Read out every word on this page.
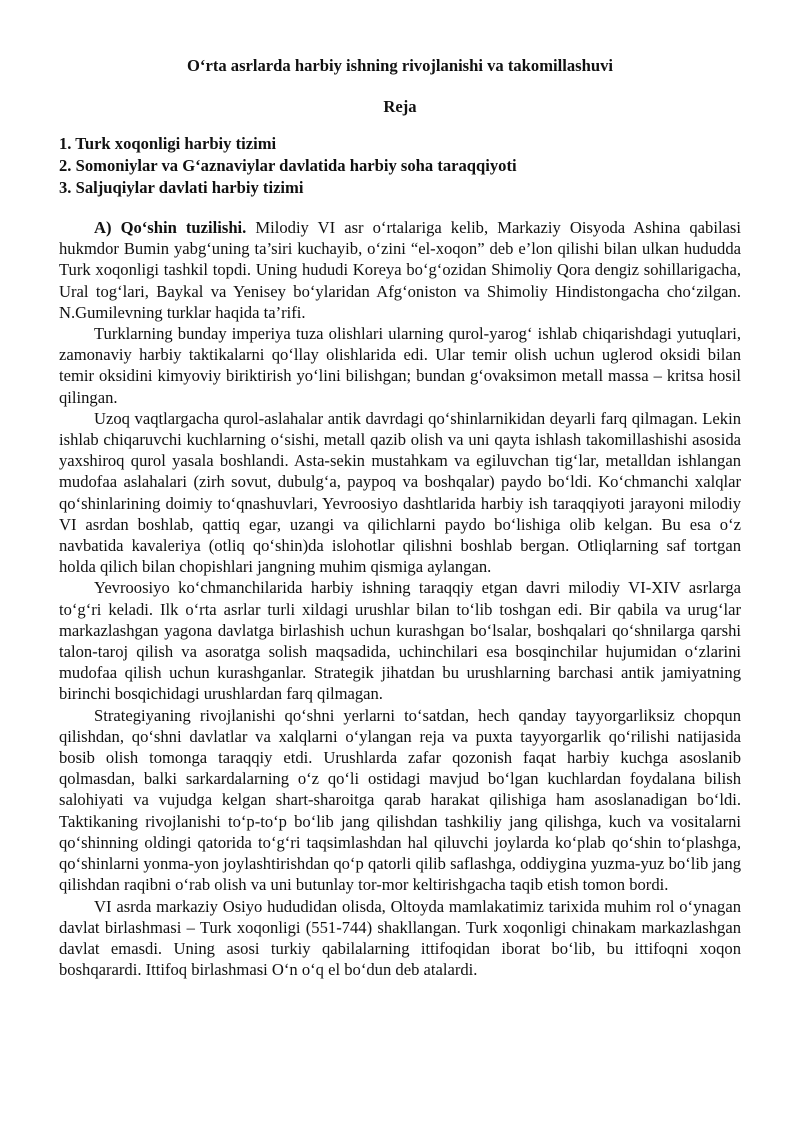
O‘rta asrlarda harbiy ishning rivojlanishi va takomillashuvi

Reja

1. Turk xoqonligi harbiy tizimi
2. Somoniylar va G‘aznaviylar davlatida harbiy soha taraqqiyoti
3. Saljuqiylar davlati harbiy tizimi

A) Qo‘shin tuzilishi. Milodiy VI asr o‘rtalariga kelib, Markaziy Oisyoda Ashina qabilasi hukmdor Bumin yabg‘uning ta’siri kuchayib, o‘zini “el-xoqon” deb e’lon qilishi bilan ulkan hududda Turk xoqonligi tashkil topdi. Uning hududi Koreya bo‘g‘ozidan Shimoliy Qora dengiz sohillarigacha, Ural tog‘lari, Baykal va Yenisey bo‘ylaridan Afg‘oniston va Shimoliy Hindistongacha cho‘zilgan. N.Gumilevning turklar haqida ta’rifi.

Turklarning bunday imperiya tuza olishlari ularning qurol-yarog‘ ishlab chiqarishdagi yutuqlari, zamonaviy harbiy taktikalarni qo‘llay olishlarida edi. Ular temir olish uchun uglerod oksidi bilan temir oksidini kimyoviy biriktirish yo‘lini bilishgan; bundan g‘ovaksimon metall massa – kritsa hosil qilingan.

Uzoq vaqtlargacha qurol-aslahalar antik davrdagi qo‘shinlarnikidan deyarli farq qilmagan. Lekin ishlab chiqaruvchi kuchlarning o‘sishi, metall qazib olish va uni qayta ishlash takomillashishi asosida yaxshiroq qurol yasala boshlandi. Asta-sekin mustahkam va egiluvchan tig‘lar, metalldan ishlangan mudofaa aslahalari (zirh sovut, dubulg‘a, paypoq va boshqalar) paydo bo‘ldi. Ko‘chmanchi xalqlar qo‘shinlarining doimiy to‘qnashuvlari, Yevroosiyo dashtlarida harbiy ish taraqqiyoti jarayoni milodiy VI asrdan boshlab, qattiq egar, uzangi va qilichlarni paydo bo‘lishiga olib kelgan. Bu esa o‘z navbatida kavaleriya (otliq qo‘shin)da islohotlar qilishni boshlab bergan. Otliqlarning saf tortgan holda qilich bilan chopishlari jangning muhim qismiga aylangan.

Yevroosiyo ko‘chmanchilarida harbiy ishning taraqqiy etgan davri milodiy VI-XIV asrlarga to‘g‘ri keladi. Ilk o‘rta asrlar turli xildagi urushlar bilan to‘lib toshgan edi. Bir qabila va urug‘lar markazlashgan yagona davlatga birlashish uchun kurashgan bo‘lsalar, boshqalari qo‘shnilarga qarshi talon-taroj qilish va asoratga solish maqsadida, uchinchilari esa bosqinchilar hujumidan o‘zlarini mudofaa qilish uchun kurashganlar. Strategik jihatdan bu urushlarning barchasi antik jamiyatning birinchi bosqichidagi urushlardan farq qilmagan.

Strategiyaning rivojlanishi qo‘shni yerlarni to‘satdan, hech qanday tayyorgarliksiz chopqun qilishdan, qo‘shni davlatlar va xalqlarni o‘ylangan reja va puxta tayyorgarlik qo‘rilishi natijasida bosib olish tomonga taraqqiy etdi. Urushlarda zafar qozonish faqat harbiy kuchga asoslanib qolmasdan, balki sarkardalarning o‘z qo‘li ostidagi mavjud bo‘lgan kuchlardan foydalana bilish salohiyati va vujudga kelgan shart-sharoitga qarab harakat qilishiga ham asoslanadigan bo‘ldi. Taktikaning rivojlanishi to‘p-to‘p bo‘lib jang qilishdan tashkiliy jang qilishga, kuch va vositalarni qo‘shinning oldingi qatorida to‘g‘ri taqsimlashdan hal qiluvchi joylarda ko‘plab qo‘shin to‘plashga, qo‘shinlarni yonma-yon joylashtirishdan qo‘p qatorli qilib saflashga, oddiygina yuzma-yuz bo‘lib jang qilishdan raqibni o‘rab olish va uni butunlay tor-mor keltirishgacha taqib etish tomon bordi.

VI asrda markaziy Osiyo hududidan olisda, Oltoyda mamlakatimiz tarixida muhim rol o‘ynagan davlat birlashmasi – Turk xoqonligi (551-744) shakllangan. Turk xoqonligi chinakam markazlashgan davlat emasdi. Uning asosi turkiy qabilalarning ittifoqidan iborat bo‘lib, bu ittifoqni xoqon boshqarardi. Ittifoq birlashmasi O‘n o‘q el bo‘dun deb atalardi.
